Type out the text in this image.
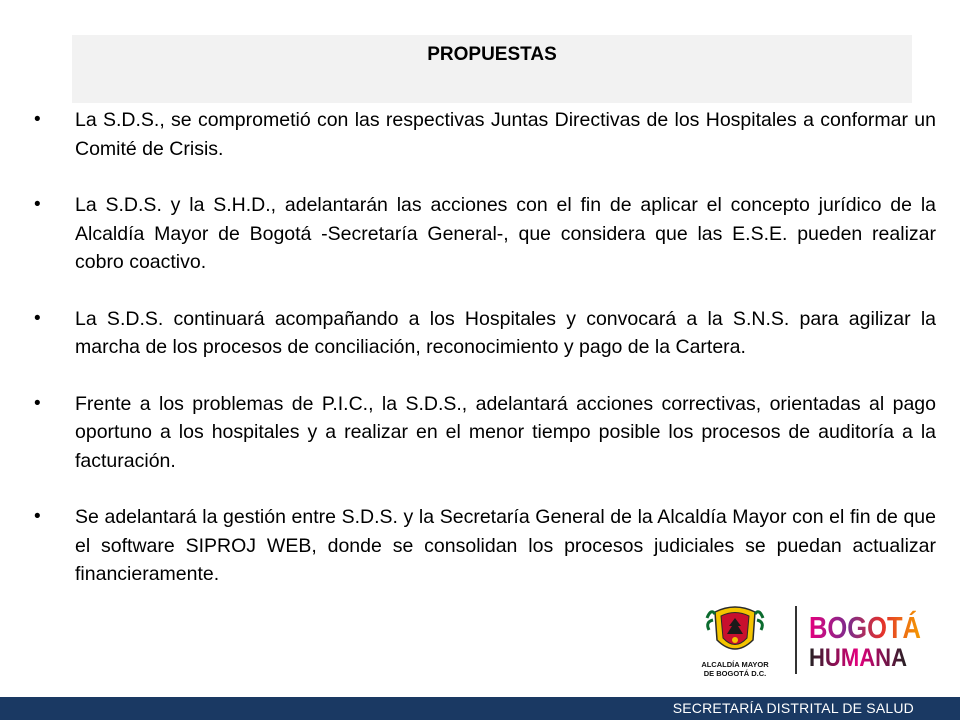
PROPUESTAS
• La S.D.S., se comprometió con las respectivas Juntas Directivas de los Hospitales a conformar un Comité de Crisis.
• La S.D.S. y la S.H.D., adelantarán las acciones con el fin de aplicar el concepto jurídico de la Alcaldía Mayor de Bogotá -Secretaría General-, que considera que las E.S.E. pueden realizar cobro coactivo.
• La S.D.S. continuará acompañando a los Hospitales y convocará a la S.N.S. para agilizar la marcha de los procesos de conciliación, reconocimiento y pago de la Cartera.
• Frente a los problemas de P.I.C., la S.D.S., adelantará acciones correctivas, orientadas al pago oportuno a los hospitales y a realizar en el menor tiempo posible los procesos de auditoría a la facturación.
• Se adelantará la gestión entre S.D.S. y la Secretaría General de la Alcaldía Mayor con el fin de que el software SIPROJ WEB, donde se consolidan los procesos judiciales se puedan actualizar financieramente.
ALCALDÍA MAYOR
DE BOGOTÁ D.C.
BOGOTÁ
HUMANA
SECRETARÍA DISTRITAL DE SALUD
